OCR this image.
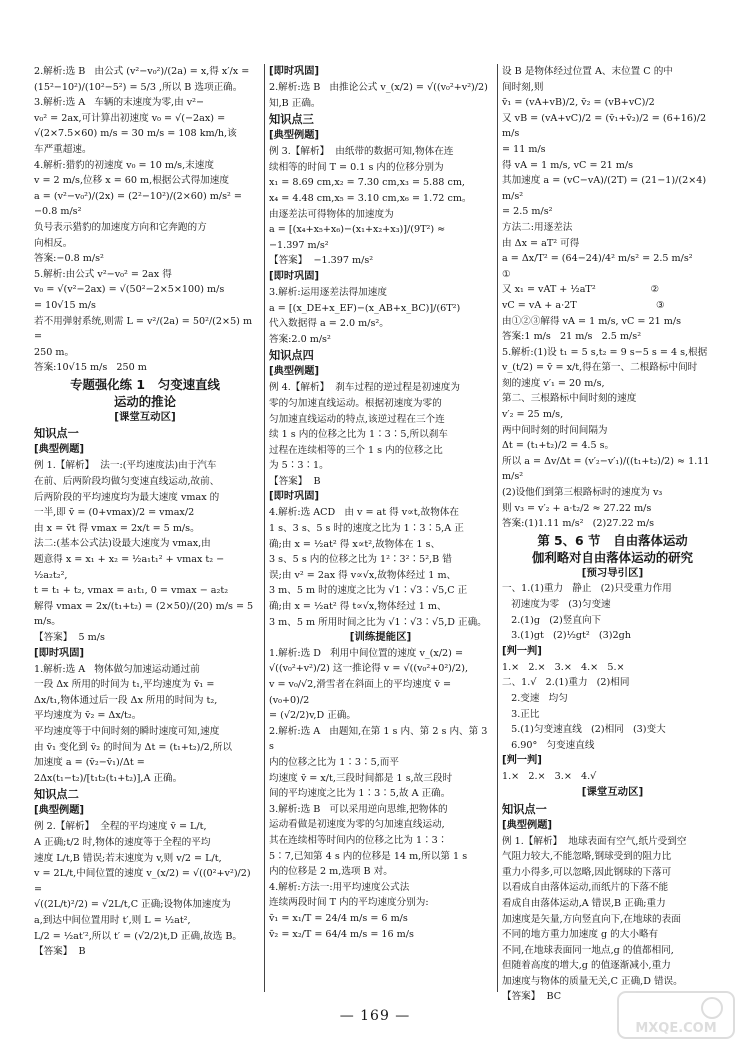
2.解析:选 B   由公式 (v²−v₀²)/(2a) = x,得 x′/x =

(15²−10²)/(10²−5²) = 5/3 ,所以 B 选项正确。

3.解析:选 A   车辆的末速度为零,由 v²−

v₀² = 2ax,可计算出初速度 v₀ = √(−2ax) =

√(2×7.5×60) m/s = 30 m/s = 108 km/h,该

车严重超速。

4.解析:猎豹的初速度 v₀ = 10 m/s,末速度

v = 2 m/s,位移 x = 60 m,根据公式得加速度

a = (v²−v₀²)/(2x) = (2²−10²)/(2×60) m/s² = −0.8 m/s²

负号表示猎豹的加速度方向和它奔跑的方

向相反。

答案:−0.8 m/s²

5.解析:由公式 v²−v₀² = 2ax 得

v₀ = √(v²−2ax) = √(50²−2×5×100) m/s

= 10√15 m/s

若不用弹射系统,则需 L = v²/(2a) = 50²/(2×5) m =

250 m。

答案:10√15 m/s   250 m

专题强化练 1   匀变速直线

运动的推论

[课堂互动区]

知识点一

[典型例题]

例 1.【解析】  法一:(平均速度法)由于汽车

在前、后两阶段均做匀变速直线运动,故前、

后两阶段的平均速度均为最大速度 vmax 的

一半,即 v̄ = (0+vmax)/2 = vmax/2

由 x = v̄t 得 vmax = 2x/t = 5 m/s。

法二:(基本公式法)设最大速度为 vmax,由

题意得 x = x₁ + x₂ = ½a₁t₁² + vmax t₂ −

½a₂t₂²,

t = t₁ + t₂, vmax = a₁t₁, 0 = vmax − a₂t₂

解得 vmax = 2x/(t₁+t₂) = (2×50)/(20) m/s = 5 m/s。

【答案】  5 m/s

[即时巩固]

1.解析:选 A   物体做匀加速运动通过前

一段 Δx 所用的时间为 t₁,平均速度为 v̄₁ =

Δx/t₁,物体通过后一段 Δx 所用的时间为 t₂,

平均速度为 v̄₂ = Δx/t₂。

平均速度等于中间时刻的瞬时速度可知,速度

由 v̄₁ 变化到 v̄₂ 的时间为 Δt = (t₁+t₂)/2,所以

加速度 a = (v̄₂−v̄₁)/Δt = 2Δx(t₁−t₂)/[t₁t₂(t₁+t₂)],A 正确。

知识点二

[典型例题]

例 2.【解析】  全程的平均速度 v̄ = L/t,

A 正确;t/2 时,物体的速度等于全程的平均

速度 L/t,B 错误;若末速度为 v,则 v/2 = L/t,

v = 2L/t,中间位置的速度 v_(x/2) = √((0²+v²)/2) =

√((2L/t)²/2) = √2L/t,C 正确;设物体加速度为

a,到达中间位置用时 t′,则 L = ½at²,

L/2 = ½at′²,所以 t′ = (√2/2)t,D 正确,故选 B。

【答案】  B

[即时巩固]

2.解析:选 B   由推论公式 v_(x/2) = √((v₀²+v²)/2)

知,B 正确。

知识点三

[典型例题]

例 3.【解析】  由纸带的数据可知,物体在连

续相等的时间 T = 0.1 s 内的位移分别为

x₁ = 8.69 cm,x₂ = 7.30 cm,x₃ = 5.88 cm,

x₄ = 4.48 cm,x₅ = 3.10 cm,x₆ = 1.72 cm。

由逐差法可得物体的加速度为

a = [(x₄+x₅+x₆)−(x₁+x₂+x₃)]/(9T²) ≈

−1.397 m/s²

【答案】  −1.397 m/s²

[即时巩固]

3.解析:运用逐差法得加速度

a = [(x_DE+x_EF)−(x_AB+x_BC)]/(6T²)

代入数据得 a = 2.0 m/s²。

答案:2.0 m/s²

知识点四

[典型例题]

例 4.【解析】  刹车过程的逆过程是初速度为

零的匀加速直线运动。根据初速度为零的

匀加速直线运动的特点,该逆过程在三个连

续 1 s 内的位移之比为 1∶3∶5,所以刹车

过程在连续相等的三个 1 s 内的位移之比

为 5∶3∶1。

【答案】  B

[即时巩固]

4.解析:选 ACD   由 v = at 得 v∝t,故物体在

1 s、3 s、5 s 时的速度之比为 1∶3∶5,A 正

确;由 x = ½at² 得 x∝t²,故物体在 1 s、

3 s、5 s 内的位移之比为 1²∶3²∶5²,B 错

误;由 v² = 2ax 得 v∝√x,故物体经过 1 m、

3 m、5 m 时的速度之比为 √1∶√3∶√5,C 正

确;由 x = ½at² 得 t∝√x,物体经过 1 m、

3 m、5 m 所用时间之比为 √1∶√3∶√5,D 正确。

[训练提能区]

1.解析:选 D   利用中间位置的速度 v_(x/2) =

√((v₀²+v²)/2) 这一推论得 v = √((v₀²+0²)/2),

v = v₀/√2,滑雪者在斜面上的平均速度 v̄ = (v₀+0)/2

= (√2/2)v,D 正确。

2.解析:选 A   由题知,在第 1 s 内、第 2 s 内、第 3 s

内的位移之比为 1∶3∶5,而平

均速度 v̄ = x/t,三段时间都是 1 s,故三段时

间的平均速度之比为 1∶3∶5,故 A 正确。

3.解析:选 B   可以采用逆向思维,把物体的

运动看做是初速度为零的匀加速直线运动,

其在连续相等时间内的位移之比为 1∶3∶

5∶7,已知第 4 s 内的位移是 14 m,所以第 1 s

内的位移是 2 m,选项 B 对。

4.解析:方法一:用平均速度公式法

连续两段时间 T 内的平均速度分别为:

v̄₁ = x₁/T = 24/4 m/s = 6 m/s

v̄₂ = x₂/T = 64/4 m/s = 16 m/s

设 B 是物体经过位置 A、末位置 C 的中

间时刻,则

v̄₁ = (vA+vB)/2, v̄₂ = (vB+vC)/2

又 vB = (vA+vC)/2 = (v̄₁+v̄₂)/2 = (6+16)/2 m/s

= 11 m/s

得 vA = 1 m/s, vC = 21 m/s

其加速度 a = (vC−vA)/(2T) = (21−1)/(2×4) m/s²

= 2.5 m/s²

方法二:用逐差法

由 Δx = aT² 可得

a = Δx/T² = (64−24)/4² m/s² = 2.5 m/s²        ①

又 x₁ = vAT + ½aT²                  ②

vC = vA + a·2T                          ③

由①②③解得 vA = 1 m/s, vC = 21 m/s

答案:1 m/s   21 m/s   2.5 m/s²

5.解析:(1)设 t₁ = 5 s,t₂ = 9 s−5 s = 4 s,根据

v_(t/2) = v̄ = x/t,得在第一、二根路标中间时

刻的速度 v′₁ = 20 m/s,

第二、三根路标中间时刻的速度

v′₂ = 25 m/s,

两中间时刻的时间间隔为

Δt = (t₁+t₂)/2 = 4.5 s。

所以 a = Δv/Δt = (v′₂−v′₁)/((t₁+t₂)/2) ≈ 1.11 m/s²

(2)设他们到第三根路标时的速度为 v₃

则 v₃ = v′₂ + a·t₂/2 ≈ 27.22 m/s

答案:(1)1.11 m/s²   (2)27.22 m/s

第 5、6 节   自由落体运动

伽利略对自由落体运动的研究

[预习导引区]

一、1.(1)重力   静止   (2)只受重力作用

初速度为零   (3)匀变速

2.(1)g   (2)竖直向下

3.(1)gt   (2)½gt²   (3)2gh

[判一判]

1.×   2.×   3.×   4.×   5.×

二、1.√   2.(1)重力   (2)相同

2.变速   均匀

3.正比

5.(1)匀变速直线   (2)相同   (3)变大

6.90°   匀变速直线

[判一判]

1.×   2.×   3.×   4.√

[课堂互动区]

知识点一

[典型例题]

例 1.【解析】  地球表面有空气,纸片受到空

气阻力较大,不能忽略,钢球受到的阻力比

重力小得多,可以忽略,因此钢球的下落可

以看成自由落体运动,而纸片的下落不能

看成自由落体运动,A 错误,B 正确;重力

加速度是矢量,方向竖直向下,在地球的表面

不同的地方重力加速度 g 的大小略有

不同,在地球表面同一地点,g 的值都相同,

但随着高度的增大,g 的值逐渐减小,重力

加速度与物体的质量无关,C 正确,D 错误。

【答案】  BC

— 169 —
MXQE.COM
